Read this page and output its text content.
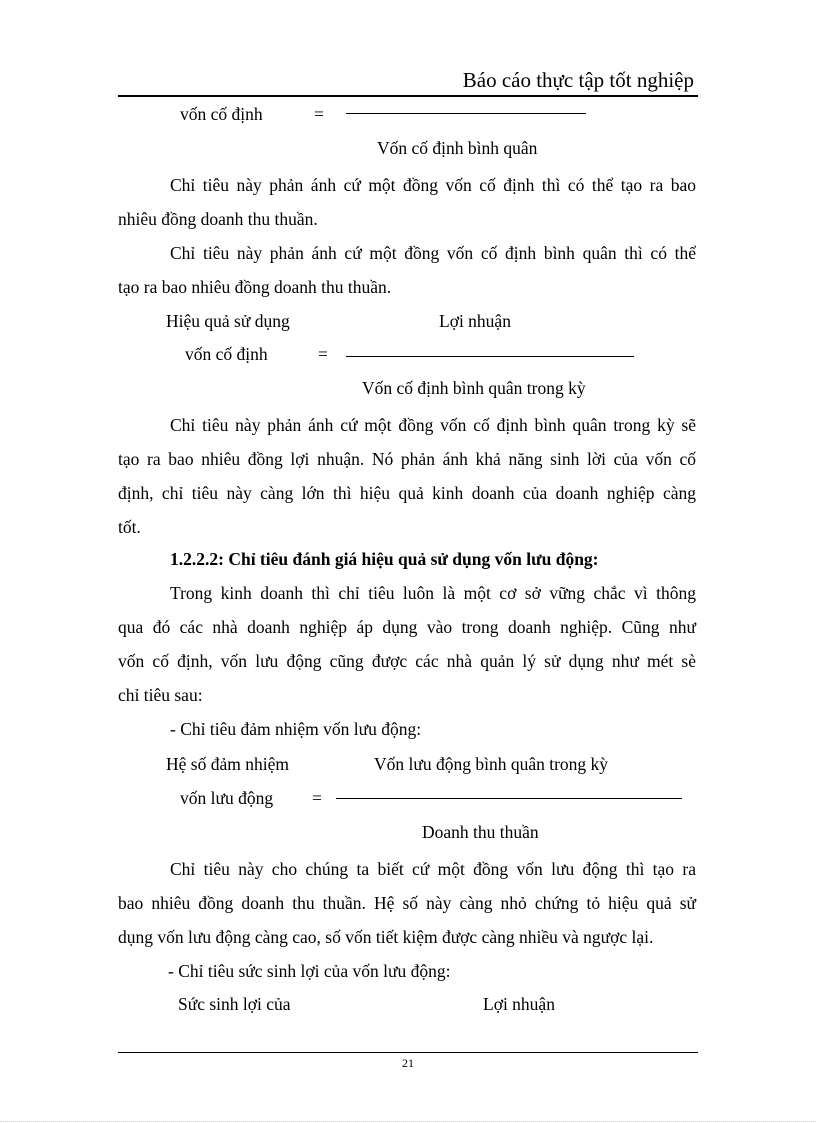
Báo cáo thực tập tốt nghiệp
vốn cố định	=
Vốn cố định bình quân

Chỉ tiêu này phản ánh cứ một đồng vốn cố định thì có thể tạo ra bao

nhiêu đồng doanh thu thuần.

Chỉ tiêu này phản ánh cứ một đồng vốn cố định bình quân thì có thể

tạo ra bao nhiêu đồng doanh thu thuần.

Hiệu quả sử dụng	Lợi nhuận
vốn cố định	=
Vốn cố định bình quân trong kỳ

Chỉ tiêu này phản ánh cứ một đồng vốn cố định bình quân trong kỳ sẽ

tạo ra bao nhiêu đồng lợi nhuận. Nó phản ánh khả năng sinh lời của vốn cố

định, chỉ tiêu này càng lớn thì hiệu quả kinh doanh của doanh nghiệp càng

tốt.

1.2.2.2: Chỉ tiêu đánh giá hiệu quả sử dụng vốn lưu động:

Trong kinh doanh thì chỉ tiêu luôn là một cơ sở vững chắc vì thông

qua đó các nhà doanh nghiệp áp dụng vào trong doanh nghiệp. Cũng như

vốn cố định, vốn lưu động cũng được các nhà quản lý sử dụng như mét sè

chỉ tiêu sau:

- Chỉ tiêu đảm nhiệm vốn lưu động:
Hệ số đảm nhiệm	Vốn lưu động bình quân trong kỳ
vốn lưu động =
Doanh thu thuần

Chỉ tiêu này cho chúng ta biết cứ một đồng vốn lưu động thì tạo ra

bao nhiêu đồng doanh thu thuần. Hệ số này càng nhỏ chứng tỏ hiệu quả sử

dụng vốn lưu động càng cao, số vốn tiết kiệm được càng nhiều và ngược lại.

- Chỉ tiêu sức sinh lợi của vốn lưu động:
Sức sinh lợi của	Lợi nhuận
21
